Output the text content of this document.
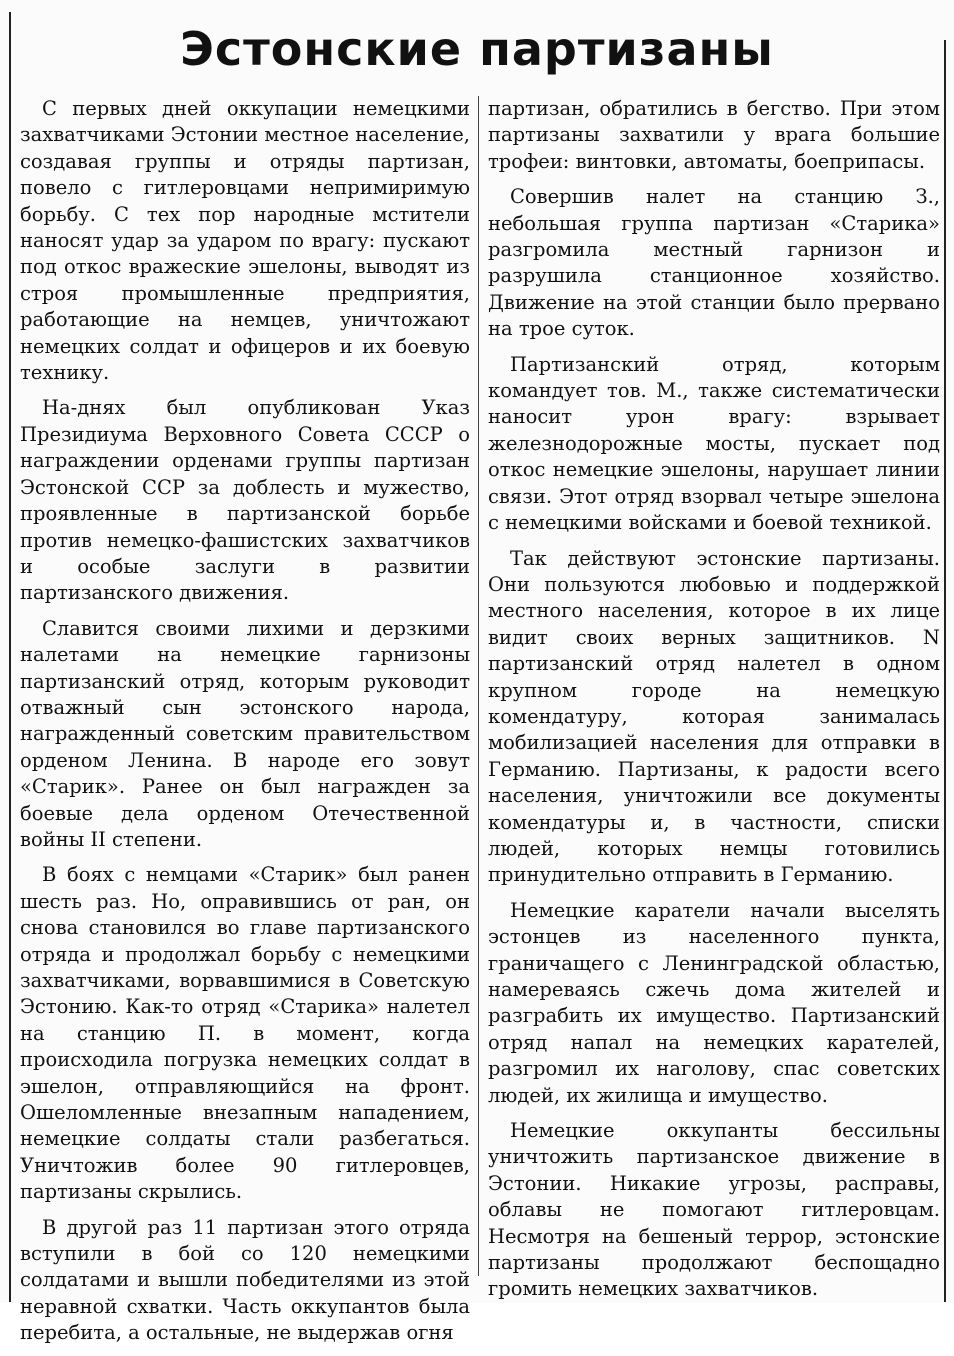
Эстонские партизаны

С первых дней оккупации немецкими захватчиками Эстонии местное население, создавая группы и отряды партизан, повело с гитлеровцами непримиримую борьбу. С тех пор народные мстители наносят удар за ударом по врагу: пускают под откос вражеские эшелоны, выводят из строя промышленные предприятия, работающие на немцев, уничтожают немецких солдат и офицеров и их боевую технику.

На-днях был опубликован Указ Президиума Верховного Совета СССР о награждении орденами группы партизан Эстонской ССР за доблесть и мужество, проявленные в партизанской борьбе против немецко-фашистских захватчиков и особые заслуги в развитии партизанского движения.

Славится своими лихими и дерзкими налетами на немецкие гарнизоны партизанский отряд, которым руководит отважный сын эстонского народа, награжденный советским правительством орденом Ленина. В народе его зовут «Старик». Ранее он был награжден за боевые дела орденом Отечественной войны II степени.

В боях с немцами «Старик» был ранен шесть раз. Но, оправившись от ран, он снова становился во главе партизанского отряда и продолжал борьбу с немецкими захватчиками, ворвавшимися в Советскую Эстонию. Как-то отряд «Старика» налетел на станцию П. в момент, когда происходила погрузка немецких солдат в эшелон, отправляющийся на фронт. Ошеломленные внезапным нападением, немецкие солдаты стали разбегаться. Уничтожив более 90 гитлеровцев, партизаны скрылись.

В другой раз 11 партизан этого отряда вступили в бой со 120 немецкими солдатами и вышли победителями из этой неравной схватки. Часть оккупантов была перебита, а остальные, не выдержав огня

партизан, обратились в бегство. При этом партизаны захватили у врага большие трофеи: винтовки, автоматы, боеприпасы.

Совершив налет на станцию З., небольшая группа партизан «Старика» разгромила местный гарнизон и разрушила станционное хозяйство. Движение на этой станции было прервано на трое суток.

Партизанский отряд, которым командует тов. М., также систематически наносит урон врагу: взрывает железнодорожные мосты, пускает под откос немецкие эшелоны, нарушает линии связи. Этот отряд взорвал четыре эшелона с немецкими войсками и боевой техникой.

Так действуют эстонские партизаны. Они пользуются любовью и поддержкой местного населения, которое в их лице видит своих верных защитников. N партизанский отряд налетел в одном крупном городе на немецкую комендатуру, которая занималась мобилизацией населения для отправки в Германию. Партизаны, к радости всего населения, уничтожили все документы комендатуры и, в частности, списки людей, которых немцы готовились принудительно отправить в Германию.

Немецкие каратели начали выселять эстонцев из населенного пункта, граничащего с Ленинградской областью, намереваясь сжечь дома жителей и разграбить их имущество. Партизанский отряд напал на немецких карателей, разгромил их наголову, спас советских людей, их жилища и имущество.

Немецкие оккупанты бессильны уничтожить партизанское движение в Эстонии. Никакие угрозы, расправы, облавы не помогают гитлеровцам. Несмотря на бешеный террор, эстонские партизаны продолжают беспощадно громить немецких захватчиков.
